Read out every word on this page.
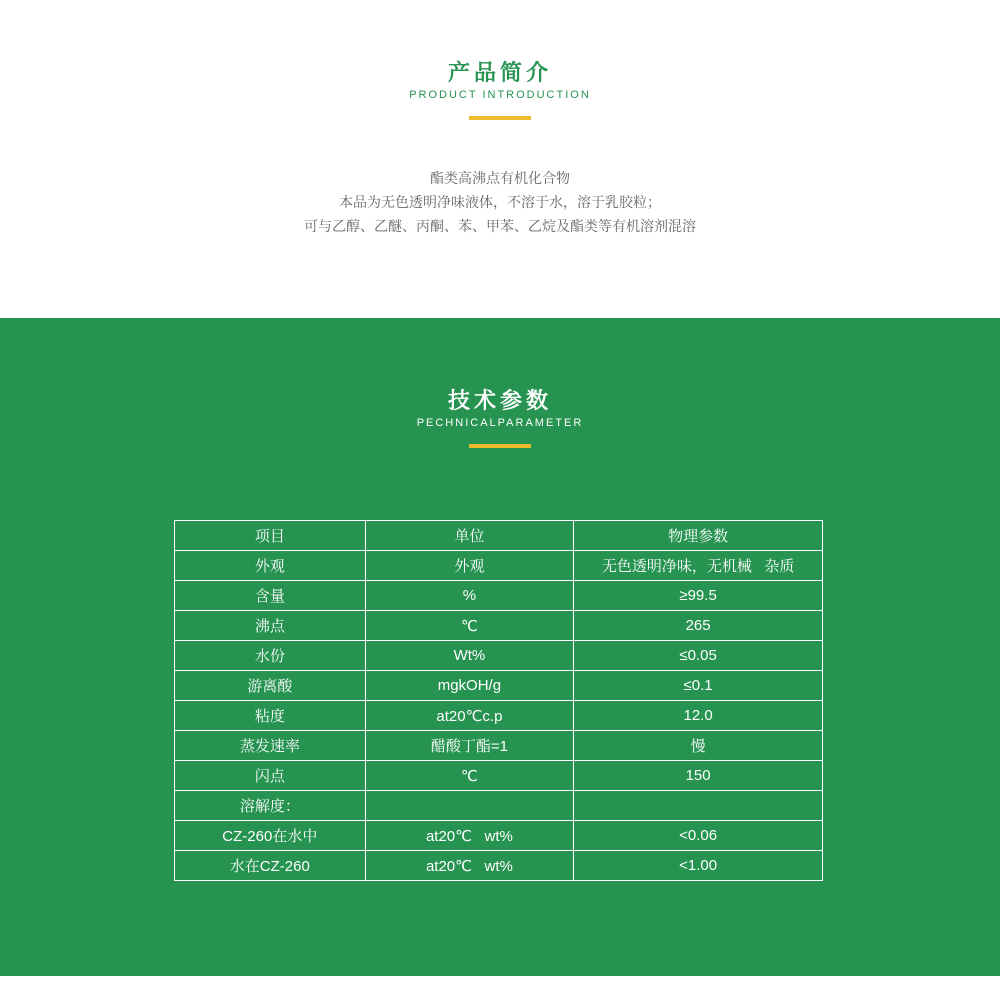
产品简介
PRODUCT INTRODUCTION
酯类高沸点有机化合物
本品为无色透明净味液体，不溶于水，溶于乳胶粒；
可与乙醇、乙醚、丙酮、苯、甲苯、乙烷及酯类等有机溶剂混溶
技术参数
PECHNICALPARAMETER
项目	单位	物理参数
外观	外观	无色透明净味，无机械   杂质
含量	%	≥99.5
沸点	℃	265
水份	Wt%	≤0.05
游离酸	mgkOH/g	≤0.1
粘度	at20℃c.p	12.0
蒸发速率	醋酸丁酯=1	慢
闪点	℃	150
溶解度：		
CZ-260在水中	at20℃   wt%	<0.06
水在CZ-260	at20℃   wt%	<1.00
